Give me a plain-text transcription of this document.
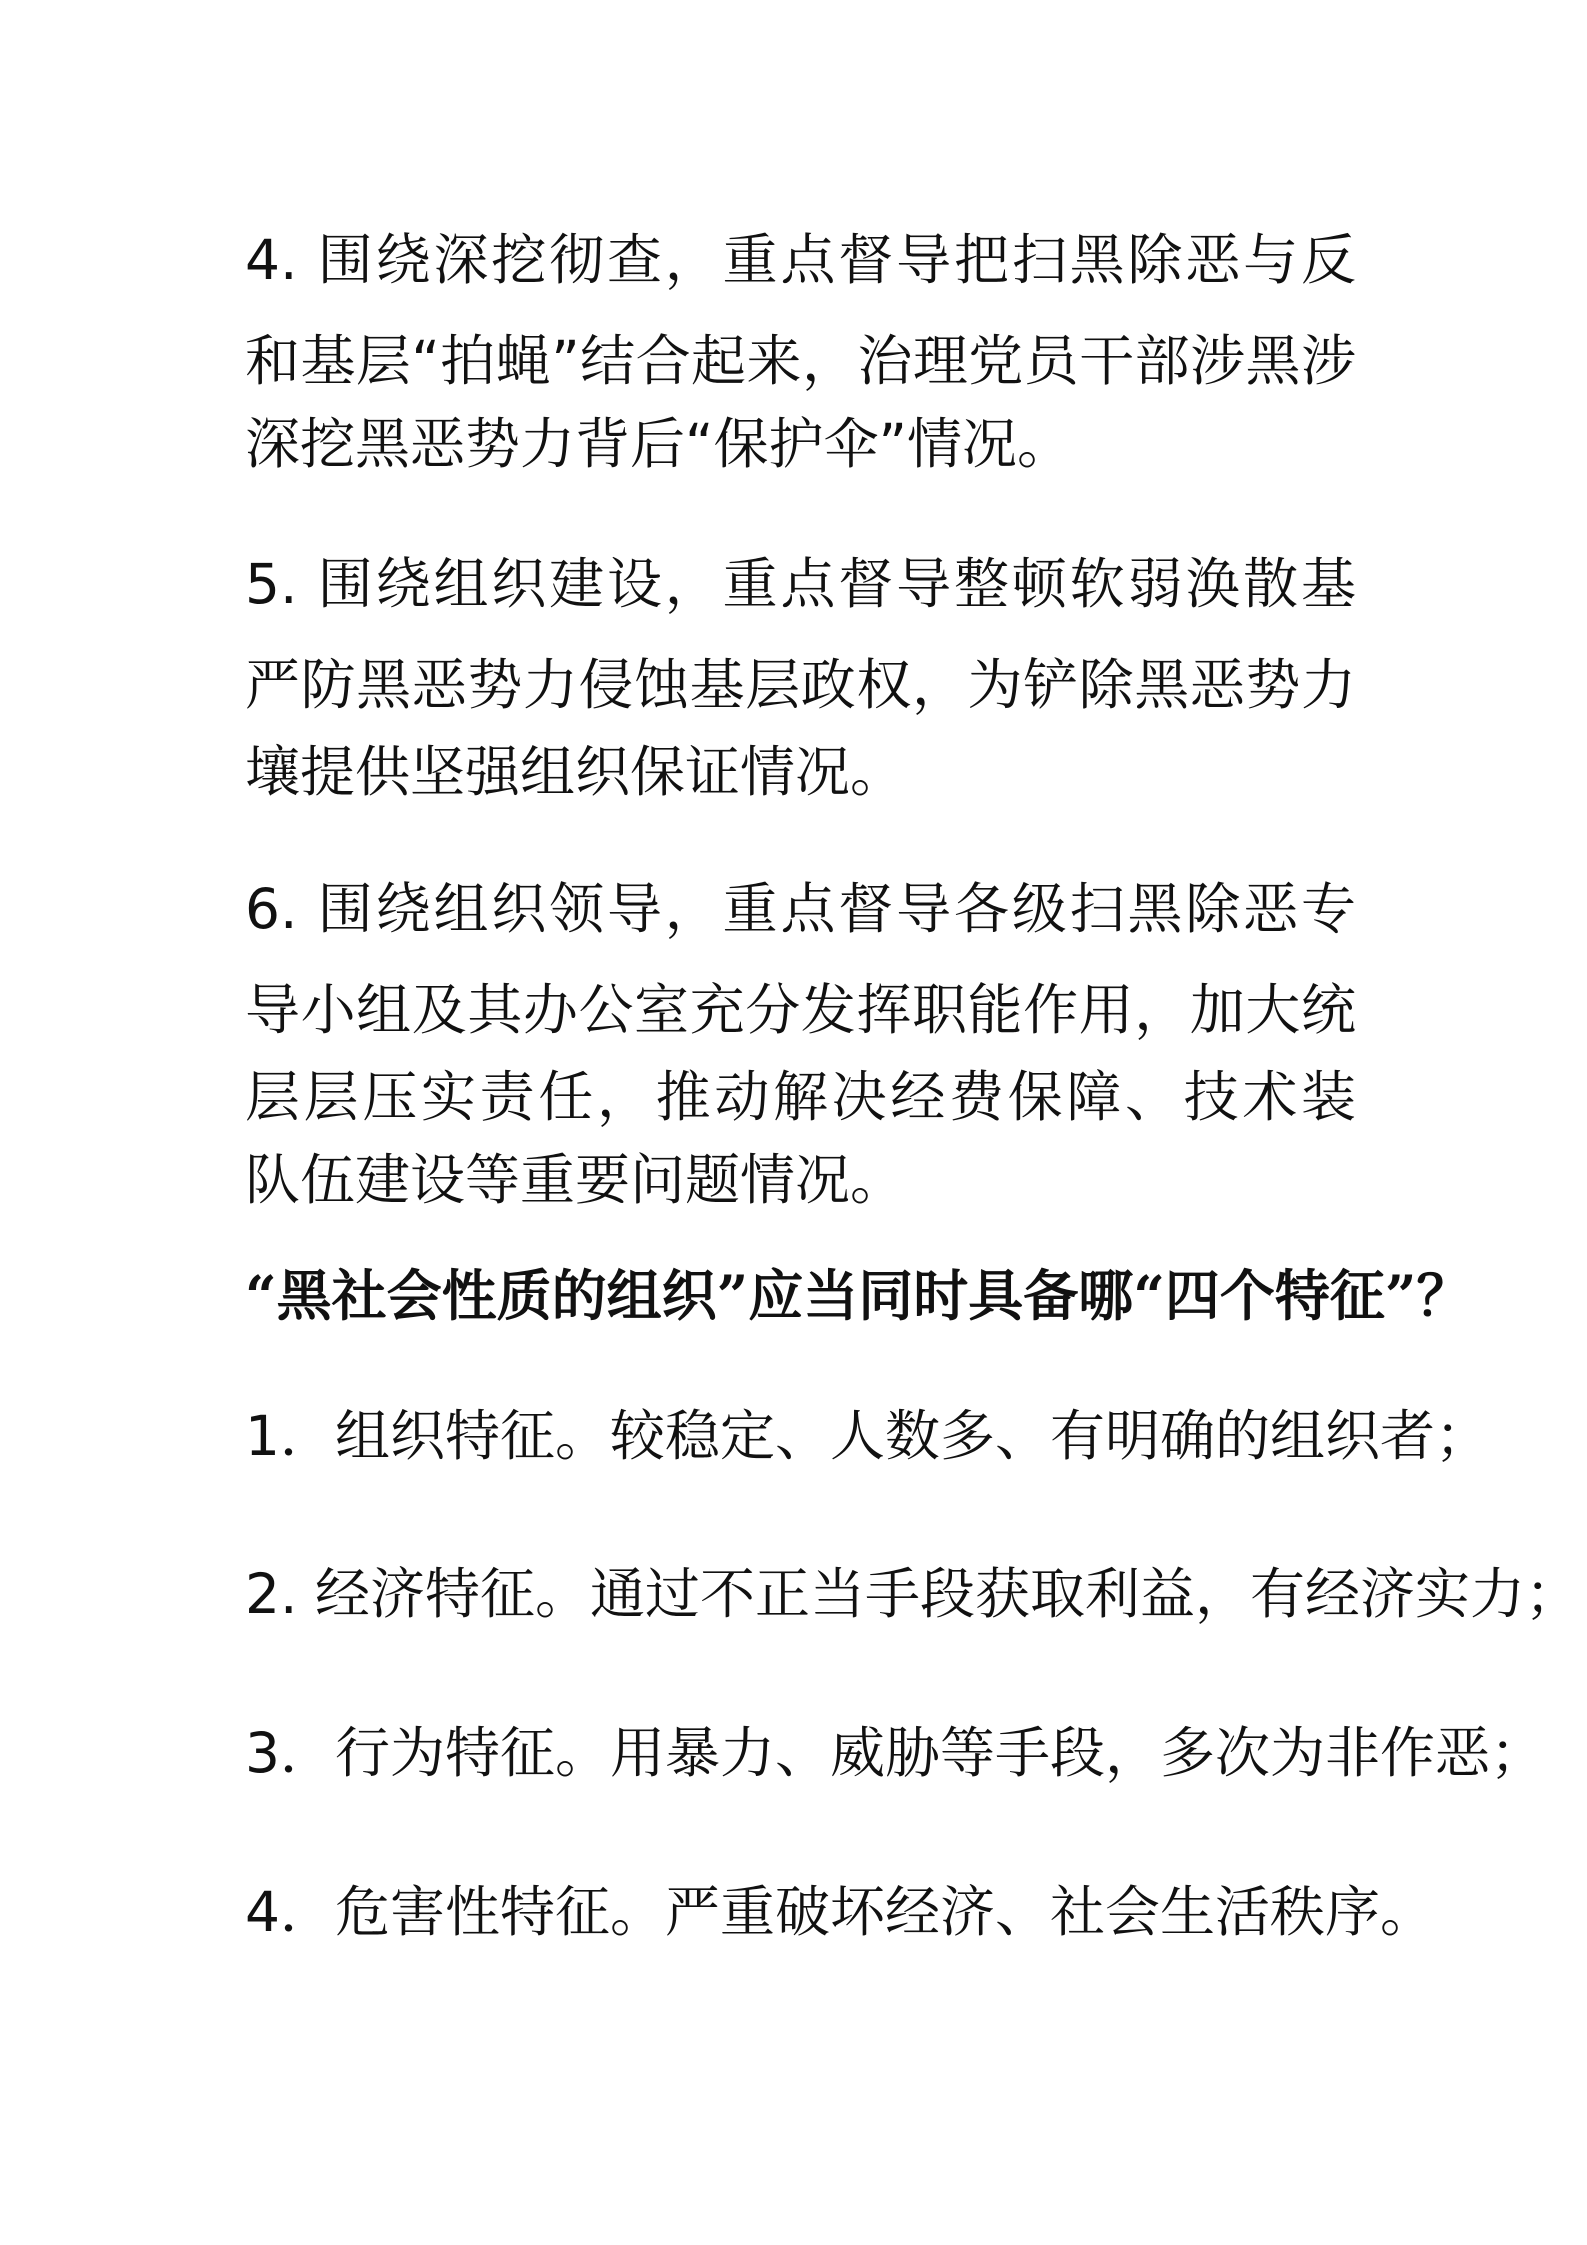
4. 围绕深挖彻查，重点督导把扫黑除恶与反
和基层“拍蝇”结合起来，治理党员干部涉黑涉
深挖黑恶势力背后“保护伞”情况。
5. 围绕组织建设，重点督导整顿软弱涣散基
严防黑恶势力侵蚀基层政权，为铲除黑恶势力
壤提供坚强组织保证情况。
6. 围绕组织领导，重点督导各级扫黑除恶专
导小组及其办公室充分发挥职能作用，加大统
层层压实责任，推动解决经费保障、技术装
队伍建设等重要问题情况。
“黑社会性质的组织”应当同时具备哪“四个特征”？
1．组织特征。较稳定、人数多、有明确的组织者；
2. 经济特征。通过不正当手段获取利益，有经济实力；
3．行为特征。用暴力、威胁等手段，多次为非作恶；
4．危害性特征。严重破坏经济、社会生活秩序。
